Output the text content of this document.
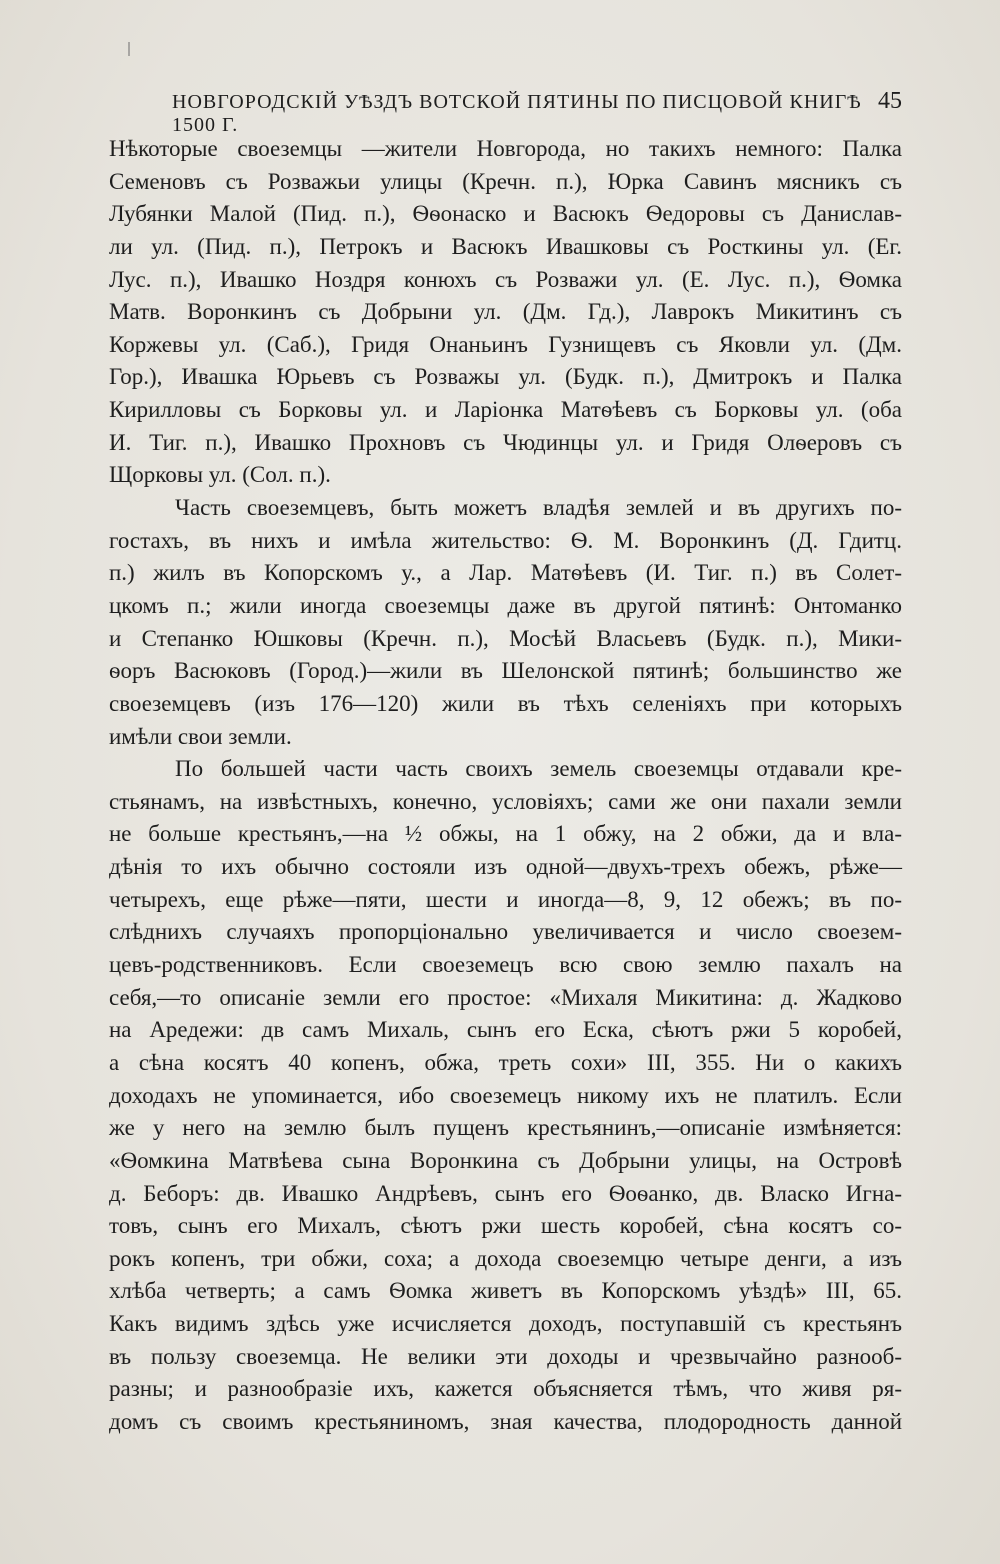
НОВГОРОДСКІЙ УѢЗДЪ ВОТСКОЙ ПЯТИНЫ ПО ПИСЦОВОЙ КНИГѢ 1500 Г.
45
Нѣкоторые своеземцы —жители Новгорода, но такихъ немного: Палка
Семеновъ съ Розважьи улицы (Кречн. п.), Юрка Савинъ мясникъ съ
Лубянки Малой (Пид. п.), Ѳѳонаско и Васюкъ Ѳедоровы съ Данислав-
ли ул. (Пид. п.), Петрокъ и Васюкъ Ивашковы съ Росткины ул. (Ег.
Лус. п.), Ивашко Ноздря конюхъ съ Розважи ул. (Е. Лус. п.), Ѳомка
Матв. Воронкинъ съ Добрыни ул. (Дм. Гд.), Лаврокъ Микитинъ съ
Коржевы ул. (Саб.), Гридя Онаньинъ Гузнищевъ съ Яковли ул. (Дм.
Гор.), Ивашка Юрьевъ съ Розважы ул. (Будк. п.), Дмитрокъ и Палка
Кирилловы съ Борковы ул. и Ларіонка Матѳѣевъ съ Борковы ул. (оба
И. Тиг. п.), Ивашко Прохновъ съ Чюдинцы ул. и Гридя Олѳеровъ съ
Щорковы ул. (Сол. п.).
Часть своеземцевъ, быть можетъ владѣя землей и въ другихъ по-
гостахъ, въ нихъ и имѣла жительство: Ѳ. М. Воронкинъ (Д. Гдитц.
п.) жилъ въ Копорскомъ у., а Лар. Матѳѣевъ (И. Тиг. п.) въ Солет-
цкомъ п.; жили иногда своеземцы даже въ другой пятинѣ: Онтоманко
и Степанко Юшковы (Кречн. п.), Мосѣй Власьевъ (Будк. п.), Мики-
ѳоръ Васюковъ (Город.)—жили въ Шелонской пятинѣ; большинство же
своеземцевъ (изъ 176—120) жили въ тѣхъ селеніяхъ при которыхъ
имѣли свои земли.
По большей части часть своихъ земель своеземцы отдавали кре-
стьянамъ, на извѣстныхъ, конечно, условіяхъ; сами же они пахали земли
не больше крестьянъ,—на ½ обжы, на 1 обжу, на 2 обжи, да и вла-
дѣнія то ихъ обычно состояли изъ одной—двухъ-трехъ обежъ, рѣже—
четырехъ, еще рѣже—пяти, шести и иногда—8, 9, 12 обежъ; въ по-
слѣднихъ случаяхъ пропорціонально увеличивается и число своезем-
цевъ-родственниковъ. Если своеземецъ всю свою землю пахалъ на
себя,—то описаніе земли его простое: «Михаля Микитина: д. Жадково
на Аредежи: дв самъ Михаль, сынъ его Еска, сѣютъ ржи 5 коробей,
а сѣна косятъ 40 копенъ, обжа, треть сохи» III, 355. Ни о какихъ
доходахъ не упоминается, ибо своеземецъ никому ихъ не платилъ. Если
же у него на землю былъ пущенъ крестьянинъ,—описаніе измѣняется:
«Ѳомкина Матвѣева сына Воронкина съ Добрыни улицы, на Островѣ
д. Беборъ: дв. Ивашко Андрѣевъ, сынъ его Ѳоѳанко, дв. Власко Игна-
товъ, сынъ его Михалъ, сѣютъ ржи шесть коробей, сѣна косятъ со-
рокъ копенъ, три обжи, соха; а дохода своеземцю четыре денги, а изъ
хлѣба четверть; а самъ Ѳомка живетъ въ Копорскомъ уѣздѣ» III, 65.
Какъ видимъ здѣсь уже исчисляется доходъ, поступавшій съ крестьянъ
въ пользу своеземца. Не велики эти доходы и чрезвычайно разнооб-
разны; и разнообразіе ихъ, кажется объясняется тѣмъ, что живя ря-
домъ съ своимъ крестьяниномъ, зная качества, плодородность данной
